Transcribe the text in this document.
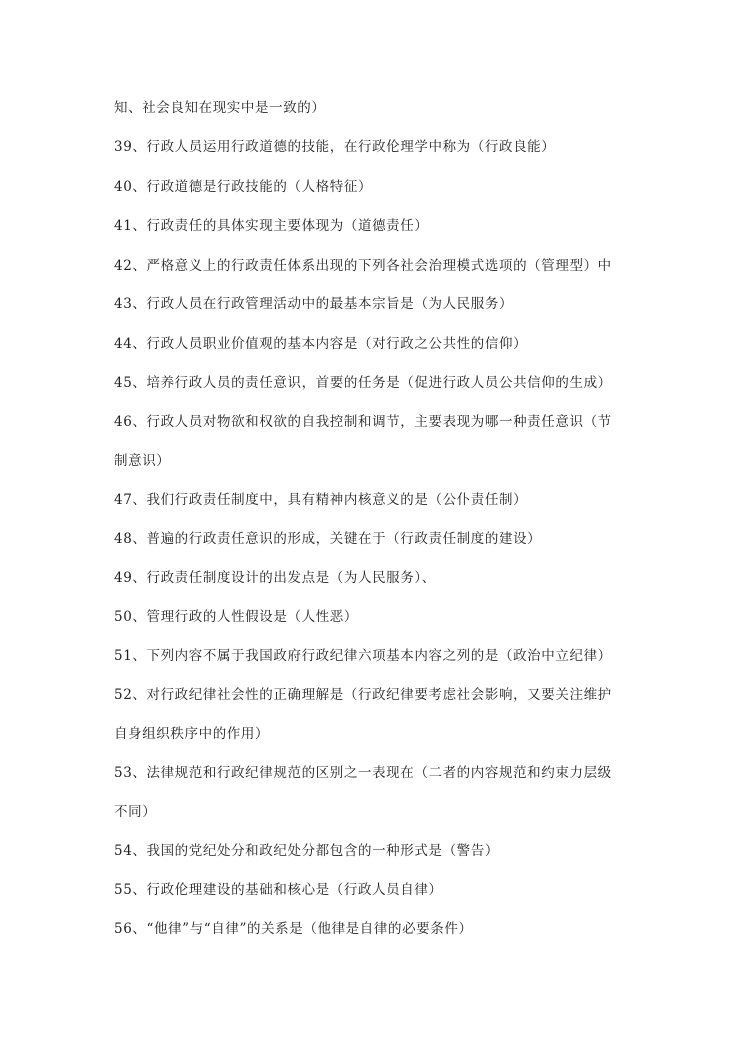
知、社会良知在现实中是一致的）
39、行政人员运用行政道德的技能，在行政伦理学中称为（行政良能）
40、行政道德是行政技能的（人格特征）
41、行政责任的具体实现主要体现为（道德责任）
42、严格意义上的行政责任体系出现的下列各社会治理模式选项的（管理型）中
43、行政人员在行政管理活动中的最基本宗旨是（为人民服务）
44、行政人员职业价值观的基本内容是（对行政之公共性的信仰）
45、培养行政人员的责任意识，首要的任务是（促进行政人员公共信仰的生成）
46、行政人员对物欲和权欲的自我控制和调节，主要表现为哪一种责任意识（节
制意识）
47、我们行政责任制度中，具有精神内核意义的是（公仆责任制）
48、普遍的行政责任意识的形成，关键在于（行政责任制度的建设）
49、行政责任制度设计的出发点是（为人民服务）、
50、管理行政的人性假设是（人性恶）
51、下列内容不属于我国政府行政纪律六项基本内容之列的是（政治中立纪律）
52、对行政纪律社会性的正确理解是（行政纪律要考虑社会影响，又要关注维护
自身组织秩序中的作用）
53、法律规范和行政纪律规范的区别之一表现在（二者的内容规范和约束力层级
不同）
54、我国的党纪处分和政纪处分都包含的一种形式是（警告）
55、行政伦理建设的基础和核心是（行政人员自律）
56、“他律”与“自律”的关系是（他律是自律的必要条件）
